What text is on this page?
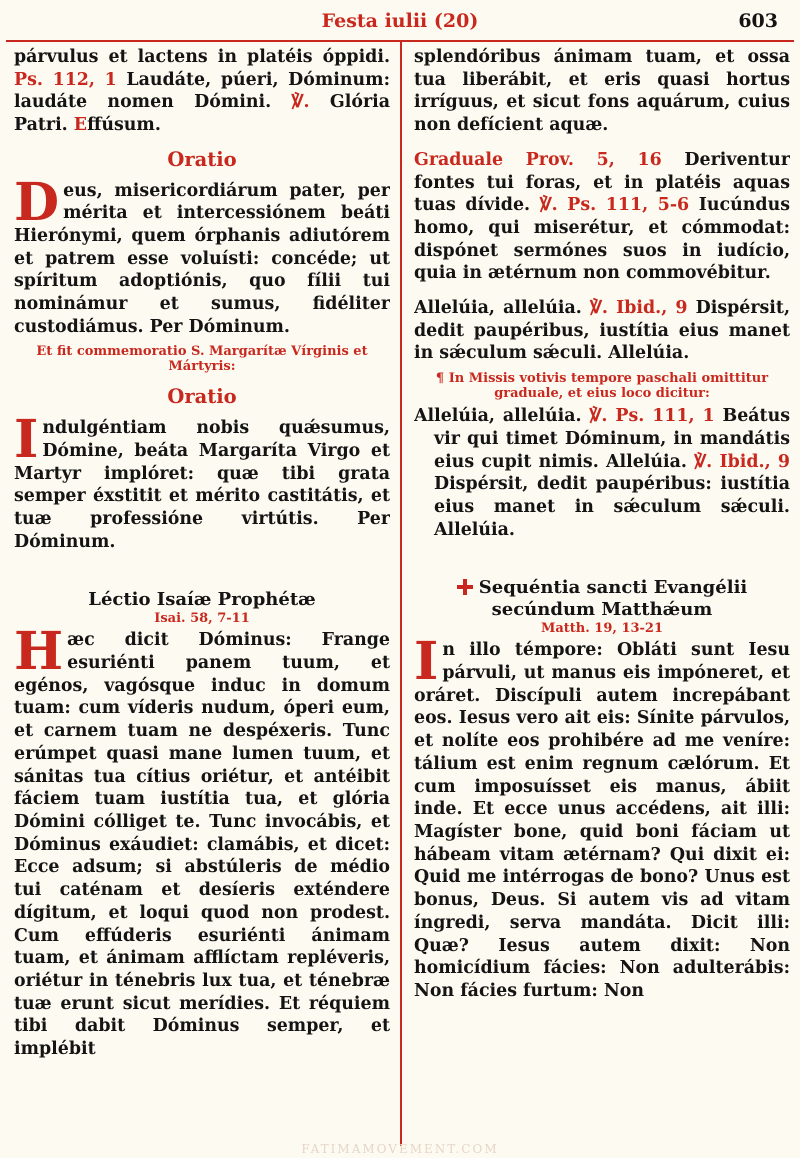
Festa iulii (20)	603

párvulus et lactens in platéis óppidi. Ps. 112, 1 Laudáte, púeri, Dóminum: laudáte nomen Dómini. ℣. Glória Patri. Effúsum.

Oratio

Deus, misericordiárum pater, per mérita et intercessiónem beáti Hierónymi, quem órphanis adiutórem et patrem esse voluísti: concéde; ut spíritum adoptiónis, quo fílii tui nominámur et sumus, fidéliter custodiámus. Per Dóminum.

Et fit commemoratio S. Margarítæ Vírginis et Mártyris:
Oratio

Indulgéntiam nobis quǽsumus, Dómine, beáta Margaríta Virgo et Martyr implóret: quæ tibi grata semper éxstitit et mérito castitátis, et tuæ professióne virtútis. Per Dóminum.

Léctio Isaíæ Prophétæ
Isai. 58, 7-11

Hæc dicit Dóminus: Frange esuriénti panem tuum, et egénos, vagósque induc in domum tuam: cum víderis nudum, óperi eum, et carnem tuam ne despéxeris. Tunc erúmpet quasi mane lumen tuum, et sánitas tua cítius oriétur, et antéibit fáciem tuam iustítia tua, et glória Dómini cólliget te. Tunc invocábis, et Dóminus exáudiet: clamábis, et dicet: Ecce adsum; si abstúleris de médio tui caténam et desíeris exténdere dígitum, et loqui quod non prodest. Cum effúderis esuriénti ánimam tuam, et ánimam afflíctam repléveris, oriétur in ténebris lux tua, et ténebræ tuæ erunt sicut merídies. Et réquiem tibi dabit Dóminus semper, et implébit

splendóribus ánimam tuam, et ossa tua liberábit, et eris quasi hortus irríguus, et sicut fons aquárum, cuius non defícient aquæ.

Graduale Prov. 5, 16 Deriventur fontes tui foras, et in platéis aquas tuas dívide. ℣. Ps. 111, 5-6 Iucúndus homo, qui miserétur, et cómmodat: dispónet sermónes suos in iudício, quia in ætérnum non commovébitur.

Allelúia, allelúia. ℣. Ibid., 9 Dispérsit, dedit paupéribus, iustítia eius manet in sǽculum sǽculi. Allelúia.

¶ In Missis votivis tempore paschali omittitur graduale, et eius loco dicitur:

Allelúia, allelúia. ℣. Ps. 111, 1 Beátus vir qui timet Dóminum, in mandátis eius cupit nimis. Allelúia. ℣. Ibid., 9 Dispérsit, dedit paupéribus: iustítia eius manet in sǽculum sǽculi. Allelúia.

Sequéntia sancti Evangélii secúndum Matthǽum
Matth. 19, 13-21

In illo témpore: Obláti sunt Iesu párvuli, ut manus eis impóneret, et oráret. Discípuli autem increpábant eos. Iesus vero ait eis: Sínite párvulos, et nolíte eos prohibére ad me veníre: tálium est enim regnum cælórum. Et cum imposuísset eis manus, ábiit inde. Et ecce unus accédens, ait illi: Magíster bone, quid boni fáciam ut hábeam vitam ætérnam? Qui dixit ei: Quid me intérrogas de bono? Unus est bonus, Deus. Si autem vis ad vitam íngredi, serva mandáta. Dicit illi: Quæ? Iesus autem dixit: Non homicídium fácies: Non adulterábis: Non fácies furtum: Non

FATIMAMOVEMENT.COM
